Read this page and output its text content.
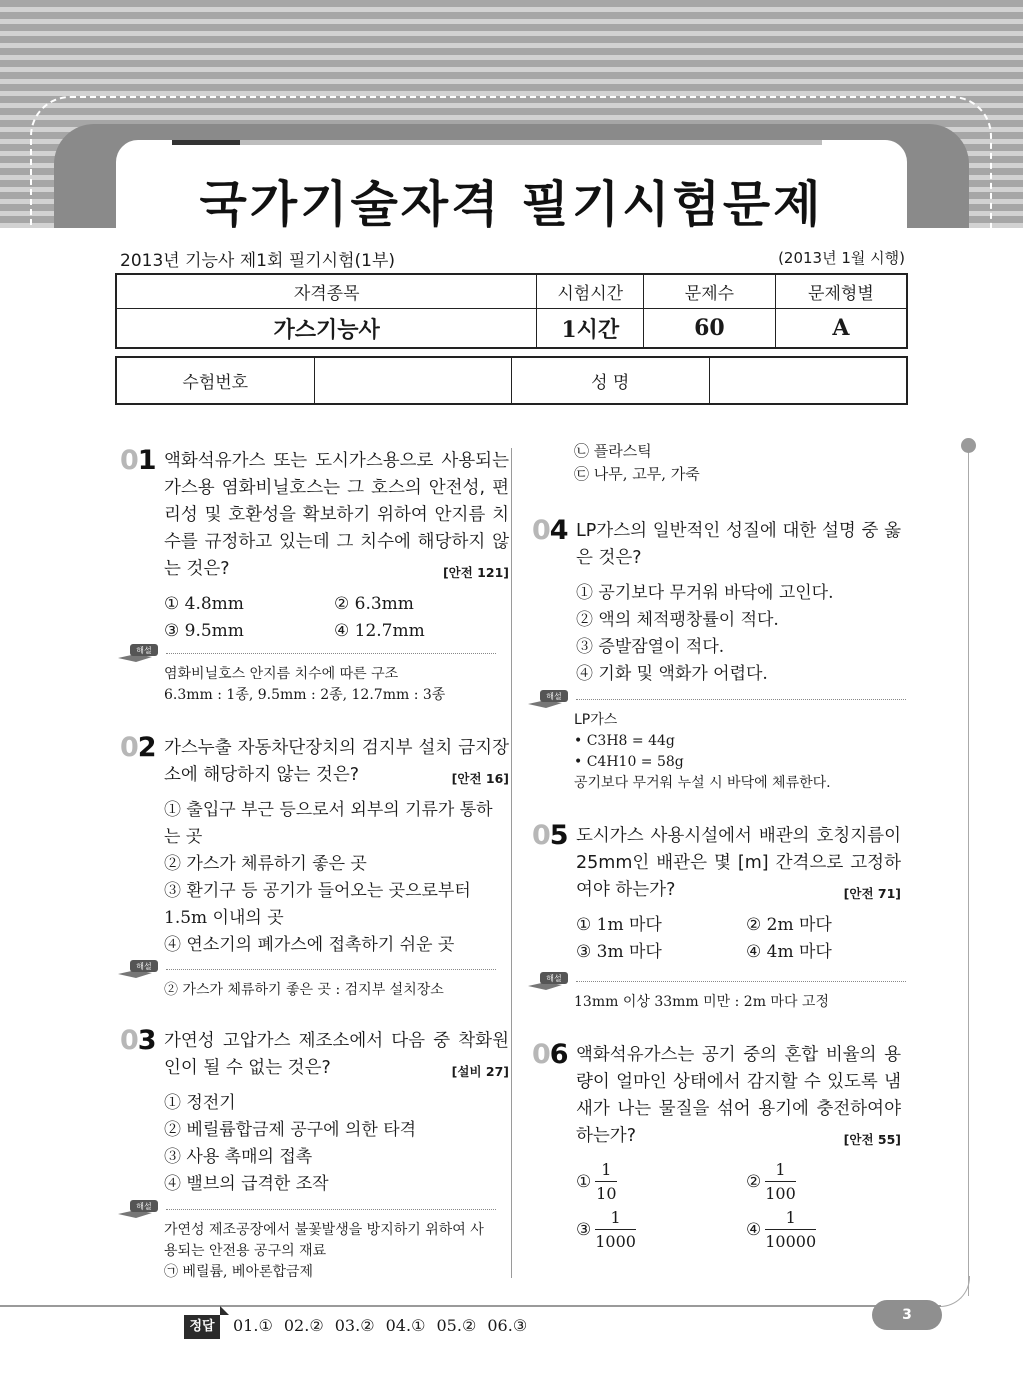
국가기술자격 필기시험문제
2013년 기능사 제1회 필기시험(1부)	(2013년 1월 시행)
자격종목	시험시간	문제수	문제형별
가스기능사	1시간	60	A
수험번호		성 명	
01 액화석유가스 또는 도시가스용으로 사용되는 가스용 염화비닐호스는 그 호스의 안전성, 편리성 및 호환성을 확보하기 위하여 안지름 치수를 규정하고 있는데 그 치수에 해당하지 않는 것은?	[안전 121]

① 4.8mm	② 6.3mm
③ 9.5mm	④ 12.7mm
해설
염화비닐호스 안지름 치수에 따른 구조
6.3mm : 1종, 9.5mm : 2종, 12.7mm : 3종
02 가스누출 자동차단장치의 검지부 설치 금지장소에 해당하지 않는 것은?	[안전 16]

① 출입구 부근 등으로서 외부의 기류가 통하는 곳
② 가스가 체류하기 좋은 곳
③ 환기구 등 공기가 들어오는 곳으로부터 1.5m 이내의 곳
④ 연소기의 폐가스에 접촉하기 쉬운 곳
해설
② 가스가 체류하기 좋은 곳 : 검지부 설치장소
03 가연성 고압가스 제조소에서 다음 중 착화원인이 될 수 없는 것은?	[설비 27]

① 정전기
② 베릴륨합금제 공구에 의한 타격
③ 사용 촉매의 접촉
④ 밸브의 급격한 조작
해설
가연성 제조공장에서 불꽃발생을 방지하기 위하여 사용되는 안전용 공구의 재료
㉠ 베릴륨, 베아론합금제
㉡ 플라스틱
㉢ 나무, 고무, 가죽
04 LP가스의 일반적인 성질에 대한 설명 중 옳은 것은?

① 공기보다 무거워 바닥에 고인다.
② 액의 체적팽창률이 적다.
③ 증발잠열이 적다.
④ 기화 및 액화가 어렵다.
해설
LP가스
• C3H8 = 44g
• C4H10 = 58g
공기보다 무거워 누설 시 바닥에 체류한다.
05 도시가스 사용시설에서 배관의 호칭지름이 25mm인 배관은 몇 [m] 간격으로 고정하여야 하는가?	[안전 71]

① 1m 마다	② 2m 마다
③ 3m 마다	④ 4m 마다
해설
13mm 이상 33mm 미만 : 2m 마다 고정
06 액화석유가스는 공기 중의 혼합 비율의 용량이 얼마인 상태에서 감지할 수 있도록 냄새가 나는 물질을 섞어 용기에 충전하여야 하는가?	[안전 55]

① $\frac{1}{10}$	② $\frac{1}{100}$
③ $\frac{1}{1000}$	④ $\frac{1}{10000}$
3
정답	01.① 02.② 03.② 04.① 05.② 06.③
